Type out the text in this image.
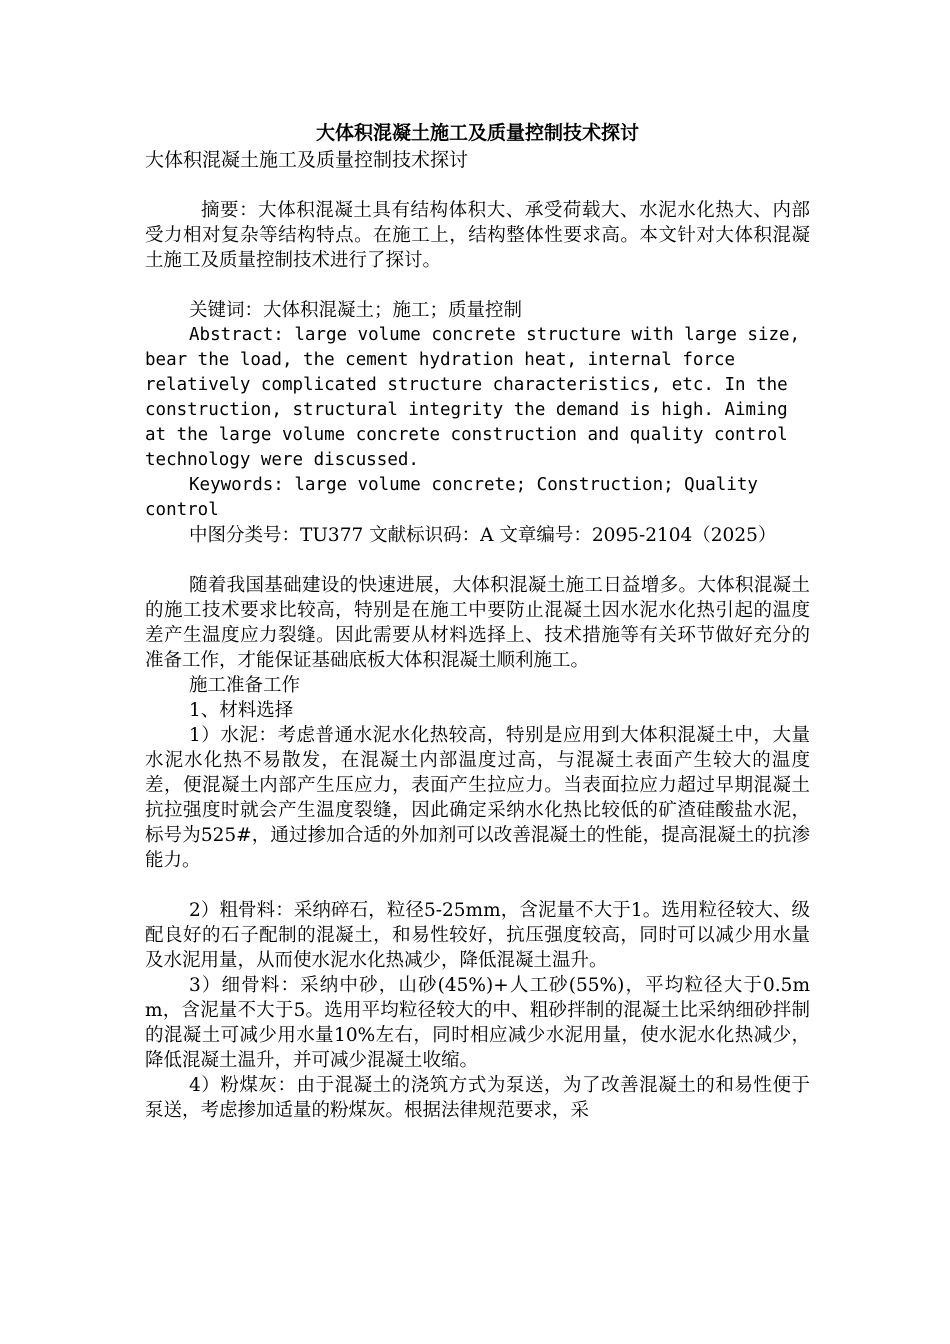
大体积混凝土施工及质量控制技术探讨

大体积混凝土施工及质量控制技术探讨

摘要：大体积混凝土具有结构体积大、承受荷载大、水泥水化热大、内部受力相对复杂等结构特点。在施工上，结构整体性要求高。本文针对大体积混凝土施工及质量控制技术进行了探讨。

关键词：大体积混凝土；施工；质量控制

Abstract: large volume concrete structure with large size, bear the load, the cement hydration heat, internal force relatively complicated structure characteristics, etc. In the construction, structural integrity the demand is high. Aiming at the large volume concrete construction and quality control technology were discussed.

Keywords: large volume concrete; Construction; Quality control

中图分类号：TU377 文献标识码：A 文章编号：2095-2104（2025）

随着我国基础建设的快速进展，大体积混凝土施工日益增多。大体积混凝土的施工技术要求比较高，特别是在施工中要防止混凝土因水泥水化热引起的温度差产生温度应力裂缝。因此需要从材料选择上、技术措施等有关环节做好充分的准备工作，才能保证基础底板大体积混凝土顺利施工。

施工准备工作

1、材料选择

1）水泥：考虑普通水泥水化热较高，特别是应用到大体积混凝土中，大量水泥水化热不易散发，在混凝土内部温度过高，与混凝土表面产生较大的温度差，便混凝土内部产生压应力，表面产生拉应力。当表面拉应力超过早期混凝土抗拉强度时就会产生温度裂缝，因此确定采纳水化热比较低的矿渣硅酸盐水泥，标号为525#，通过掺加合适的外加剂可以改善混凝土的性能，提高混凝土的抗渗能力。

2）粗骨料：采纳碎石，粒径5-25mm，含泥量不大于1。选用粒径较大、级配良好的石子配制的混凝土，和易性较好，抗压强度较高，同时可以减少用水量及水泥用量，从而使水泥水化热减少，降低混凝土温升。

3）细骨料：采纳中砂，山砂(45%)+人工砂(55%)，平均粒径大于0.5mm，含泥量不大于5。选用平均粒径较大的中、粗砂拌制的混凝土比采纳细砂拌制的混凝土可减少用水量10%左右，同时相应减少水泥用量，使水泥水化热减少，降低混凝土温升，并可减少混凝土收缩。

4）粉煤灰：由于混凝土的浇筑方式为泵送，为了改善混凝土的和易性便于泵送，考虑掺加适量的粉煤灰。根据法律规范要求，采
